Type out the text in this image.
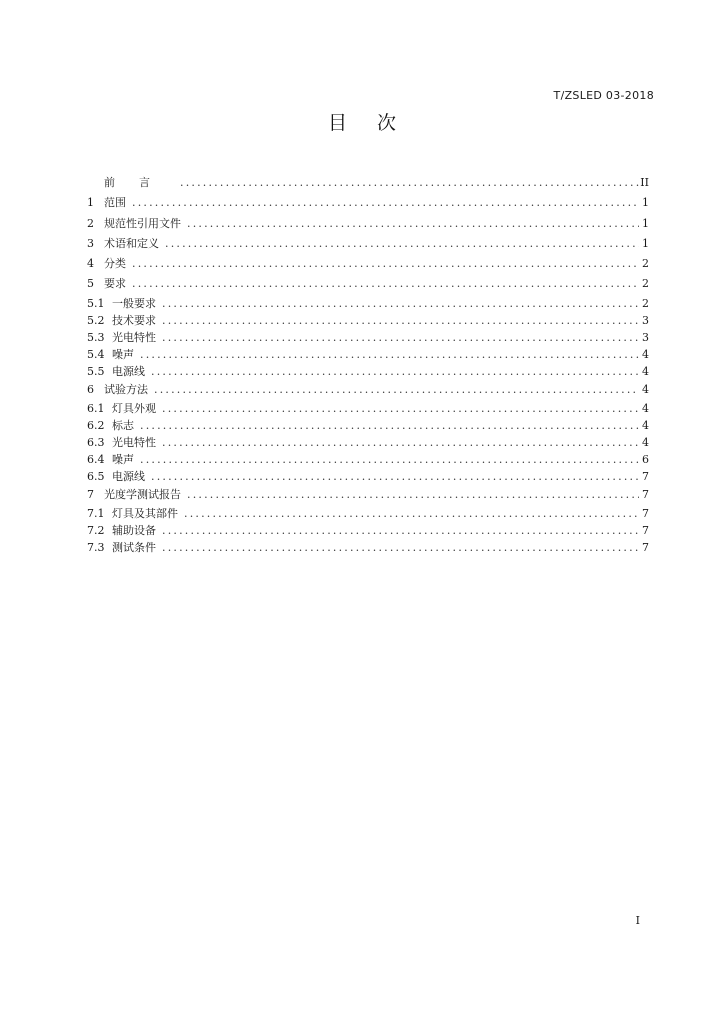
T/ZSLED 03-2018
目次
前言 .....	II
1 范围 .....	1
2 规范性引用文件 .....	1
3 术语和定义 .....	1
4 分类 .....	2
5 要求 .....	2
5.1 一般要求 .....	2
5.2 技术要求 .....	3
5.3 光电特性 .....	3
5.4 噪声 .....	4
5.5 电源线 .....	4
6 试验方法 .....	4
6.1 灯具外观 .....	4
6.2 标志 .....	4
6.3 光电特性 .....	4
6.4 噪声 .....	6
6.5 电源线 .....	7
7 光度学测试报告 .....	7
7.1 灯具及其部件 .....	7
7.2 辅助设备 .....	7
7.3 测试条件 .....	7
I
